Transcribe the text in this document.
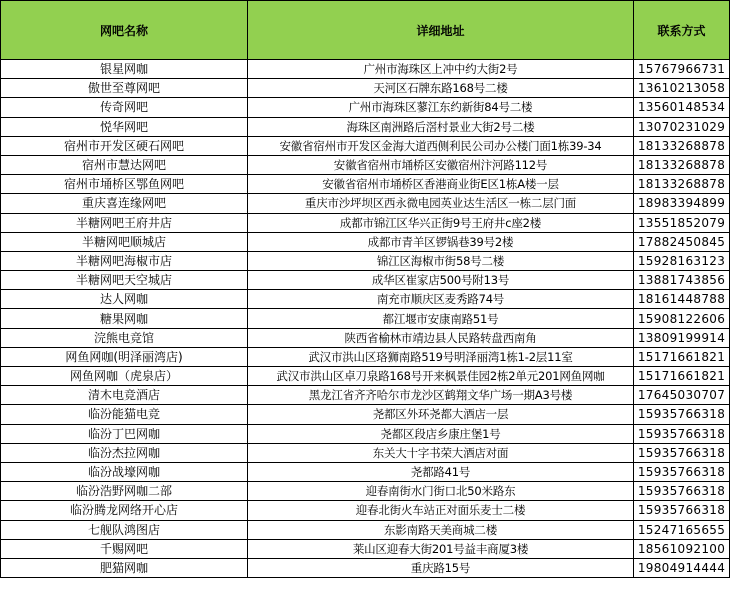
网吧名称	详细地址	联系方式
银星网咖	广州市海珠区上冲中约大街2号	15767966731
傲世至尊网吧	天河区石牌东路168号二楼	13610213058
传奇网吧	广州市海珠区蓼江东约新街84号二楼	13560148534
悦华网吧	海珠区南洲路后滘村景业大街2号二楼	13070231029
宿州市开发区硬石网吧	安徽省宿州市开发区金海大道西侧利民公司办公楼门面1栋39-34	18133268878
宿州市慧达网吧	安徽省宿州市埇桥区安徽宿州汴河路112号	18133268878
宿州市埇桥区鄂鱼网吧	安徽省宿州市埇桥区香港商业街E区1栋A楼一层	18133268878
重庆喜连缘网吧	重庆市沙坪坝区西永微电园英业达生活区一栋二层门面	18983394899
半糖网吧王府井店	成都市锦江区华兴正街9号王府井c座2楼	13551852079
半糖网吧顺城店	成都市青羊区锣锅巷39号2楼	17882450845
半糖网吧海椒市店	锦江区海椒市街58号二楼	15928163123
半糖网吧天空城店	成华区崔家店500号附13号	13881743856
达人网咖	南充市顺庆区麦秀路74号	18161448788
糖果网咖	都江堰市安康南路51号	15908122606
浣熊电竞馆	陕西省榆林市靖边县人民路转盘西南角	13809199914
网鱼网咖(明泽丽湾店)	武汉市洪山区珞狮南路519号明泽丽湾1栋1-2层11室	15171661821
网鱼网咖（虎泉店）	武汉市洪山区卓刀泉路168号开来枫景佳园2栋2单元201网鱼网咖	15171661821
清木电竞酒店	黑龙江省齐齐哈尔市龙沙区鹤翔文华广场一期A3号楼	17645030707
临汾能猫电竞	尧都区外环尧都大酒店一层	15935766318
临汾丁巴网咖	尧都区段店乡康庄堡1号	15935766318
临汾杰拉网咖	东关大十字书荣大酒店对面	15935766318
临汾战壕网咖	尧都路41号	15935766318
临汾浩野网咖二部	迎春南街水门街口北50米路东	15935766318
临汾腾龙网络开心店	迎春北街火车站正对面乐麦士二楼	15935766318
七舰队鸿图店	东影南路天美商城二楼	15247165655
千赐网吧	莱山区迎春大街201号益丰商厦3楼	18561092100
肥猫网咖	重庆路15号	19804914444
